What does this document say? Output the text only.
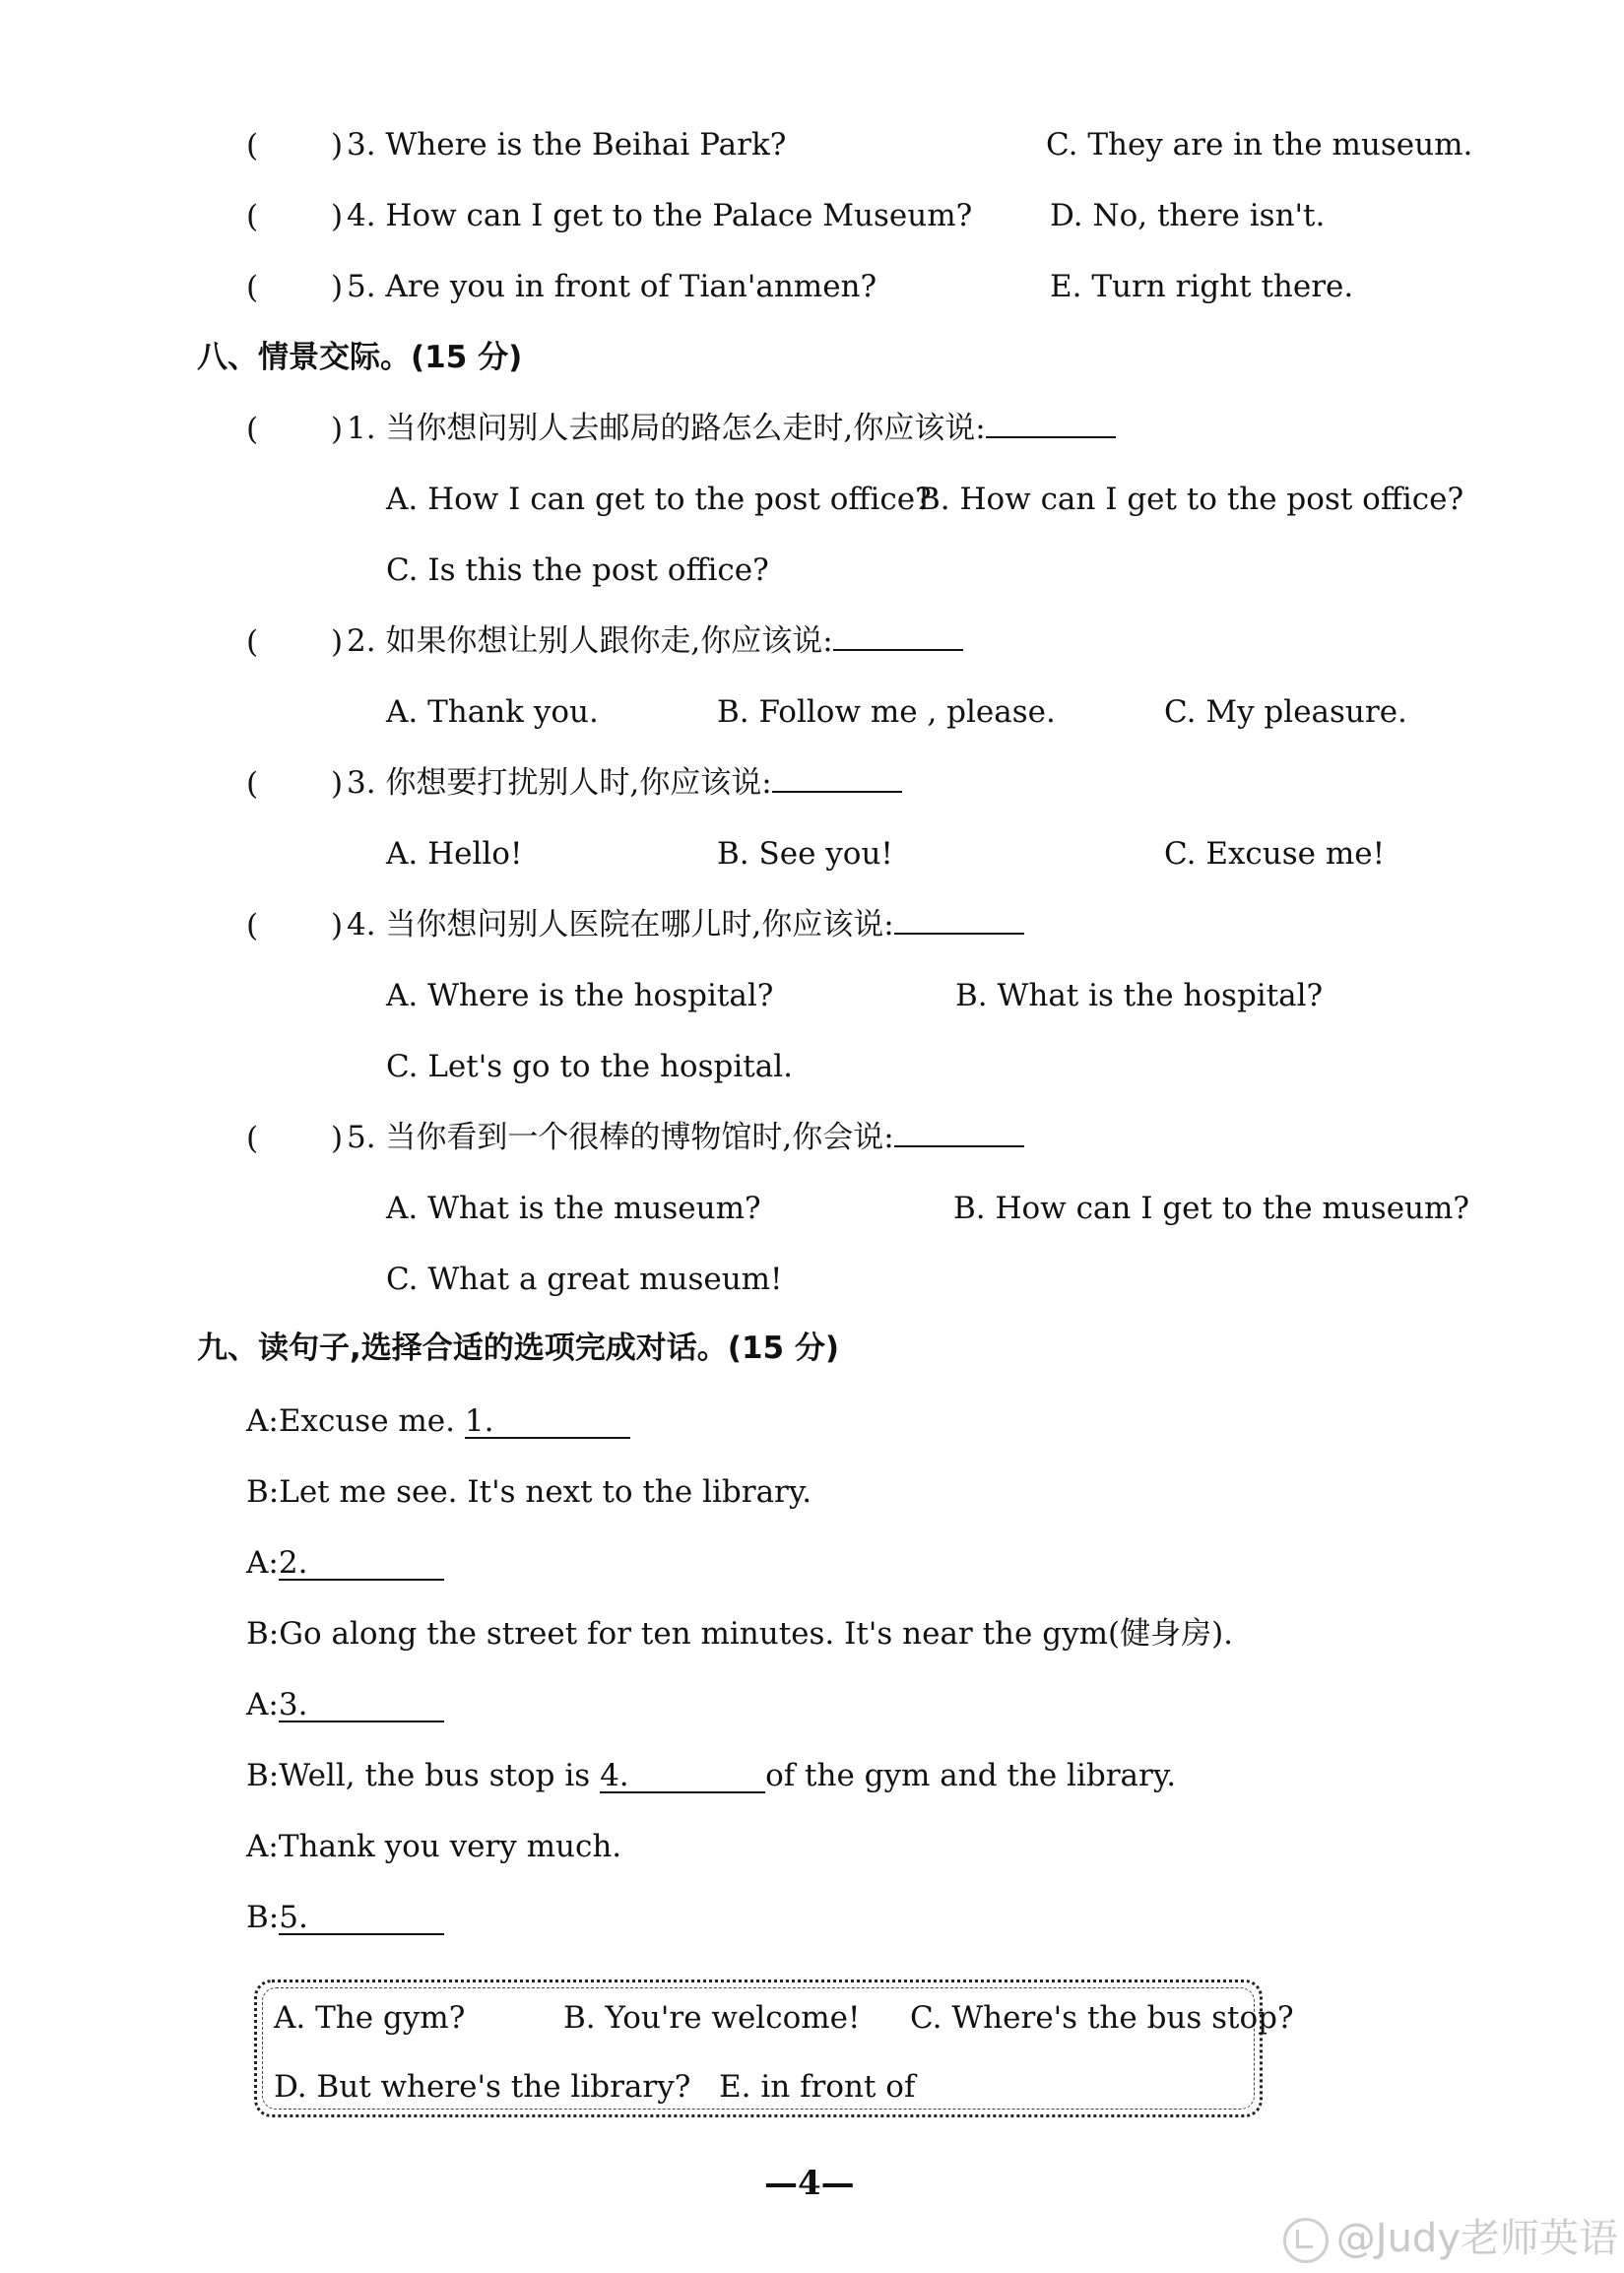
( ) 3. Where is the Beihai Park?	C. They are in the museum.
( ) 4. How can I get to the Palace Museum?	D. No, there isn't.
( ) 5. Are you in front of Tian'anmen?	E. Turn right there.
八、情景交际。(15 分)
( ) 1. 当你想问别人去邮局的路怎么走时,你应该说:
A. How I can get to the post office?
B. How can I get to the post office?
C. Is this the post office?
( ) 2. 如果你想让别人跟你走,你应该说:
A. Thank you.	B. Follow me , please.	C. My pleasure.
( ) 3. 你想要打扰别人时,你应该说:
A. Hello!	B. See you!	C. Excuse me!
( ) 4. 当你想问别人医院在哪儿时,你应该说:
A. Where is the hospital?	B. What is the hospital?
C. Let's go to the hospital.
( ) 5. 当你看到一个很棒的博物馆时,你会说:
A. What is the museum?	B. How can I get to the museum?
C. What a great museum!
九、读句子,选择合适的选项完成对话。(15 分)
A:Excuse me. 1.
B:Let me see. It's next to the library.
A:2.
B:Go along the street for ten minutes. It's near the gym(健身房).
A:3.
B:Well, the bus stop is 4.	of the gym and the library.
A:Thank you very much.
B:5.
A. The gym?	B. You're welcome! C. Where's the bus stop?
D. But where's the library? E. in front of
—4—
@Judy老师英语
